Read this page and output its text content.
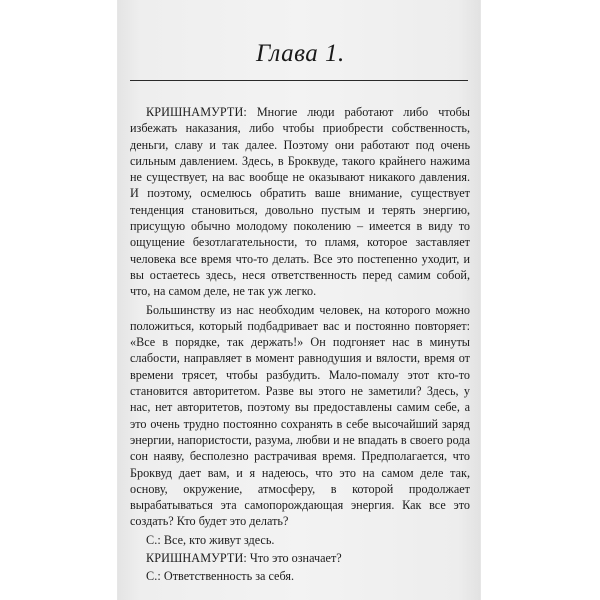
Глава 1.

КРИШНАМУРТИ: Многие люди работают либо чтобы избежать наказания, либо чтобы приобрести собственность, деньги, славу и так далее. Поэтому они работают под очень сильным давлением. Здесь, в Броквуде, такого крайнего нажима не существует, на вас вообще не оказывают никакого давления. И поэтому, осмелюсь обратить ваше внимание, существует тенденция становиться, довольно пустым и терять энергию, присущую обычно молодому поколению – имеется в виду то ощущение безотлагательности, то пламя, которое заставляет человека все время что-то делать. Все это постепенно уходит, и вы остаетесь здесь, неся ответственность перед самим собой, что, на самом деле, не так уж легко.

Большинству из нас необходим человек, на которого можно положиться, который подбадривает вас и постоянно повторяет: «Все в порядке, так держать!» Он подгоняет нас в минуты слабости, направляет в момент равнодушия и вялости, время от времени трясет, чтобы разбудить. Мало-помалу этот кто-то становится авторитетом. Разве вы этого не заметили? Здесь, у нас, нет авторитетов, поэтому вы предоставлены самим себе, а это очень трудно постоянно сохранять в себе высочайший заряд энергии, напористости, разума, любви и не впадать в своего рода сон наяву, бесполезно растрачивая время. Предполагается, что Броквуд дает вам, и я надеюсь, что это на самом деле так, основу, окружение, атмосферу, в которой продолжает вырабатываться эта самопорождающая энергия. Как все это создать? Кто будет это делать?

С.: Все, кто живут здесь.

КРИШНАМУРТИ: Что это означает?

С.: Ответственность за себя.
